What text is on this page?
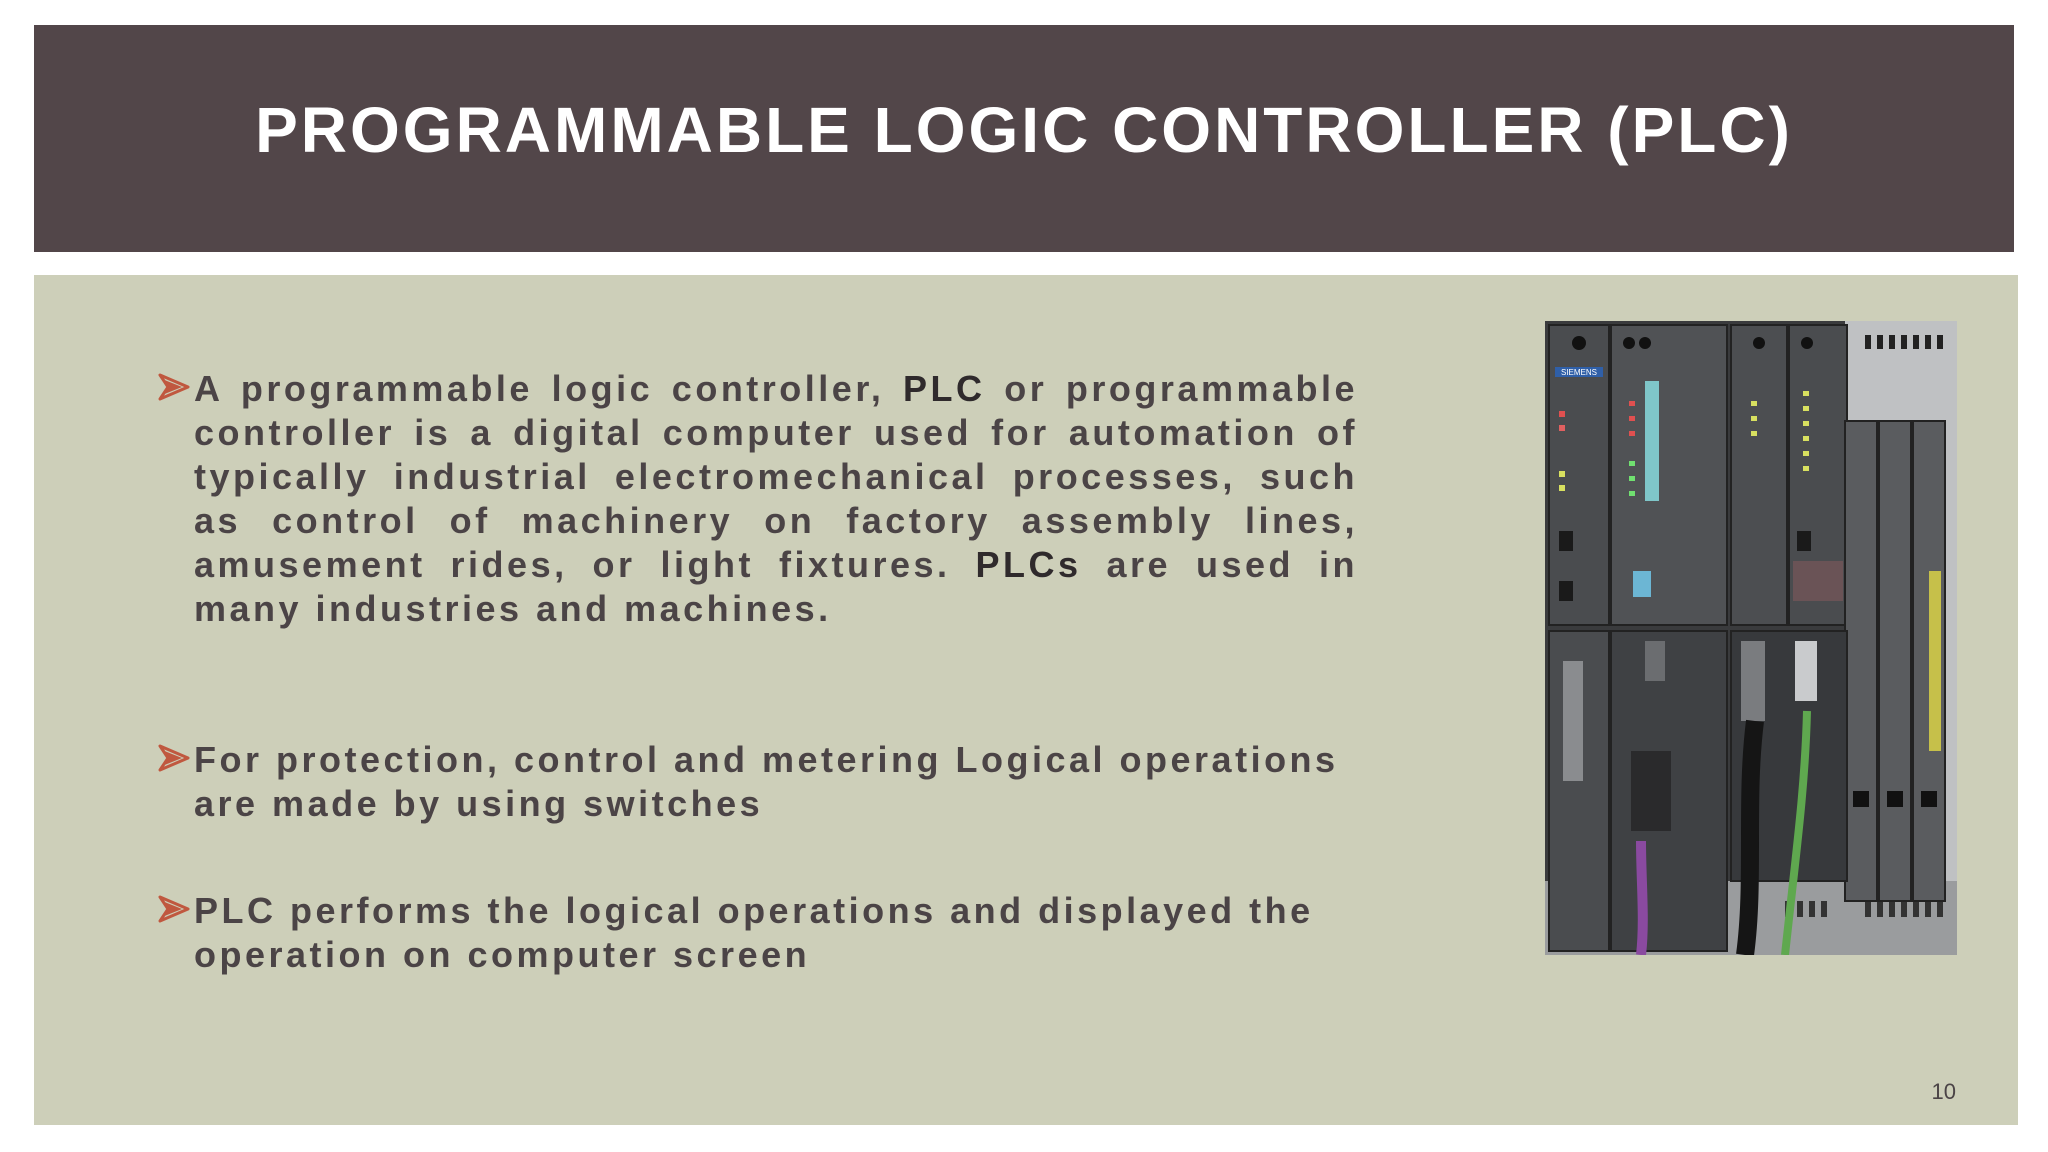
PROGRAMMABLE LOGIC CONTROLLER (PLC)
A programmable logic controller, PLC or programmable controller is a digital computer used for automation of typically industrial electromechanical processes, such as control of machinery on factory assembly lines, amusement rides, or light fixtures. PLCs are used in many industries and machines.
For protection, control and metering Logical operations are made by using switches
PLC performs the logical operations and displayed the operation on computer screen
SIEMENS
10
